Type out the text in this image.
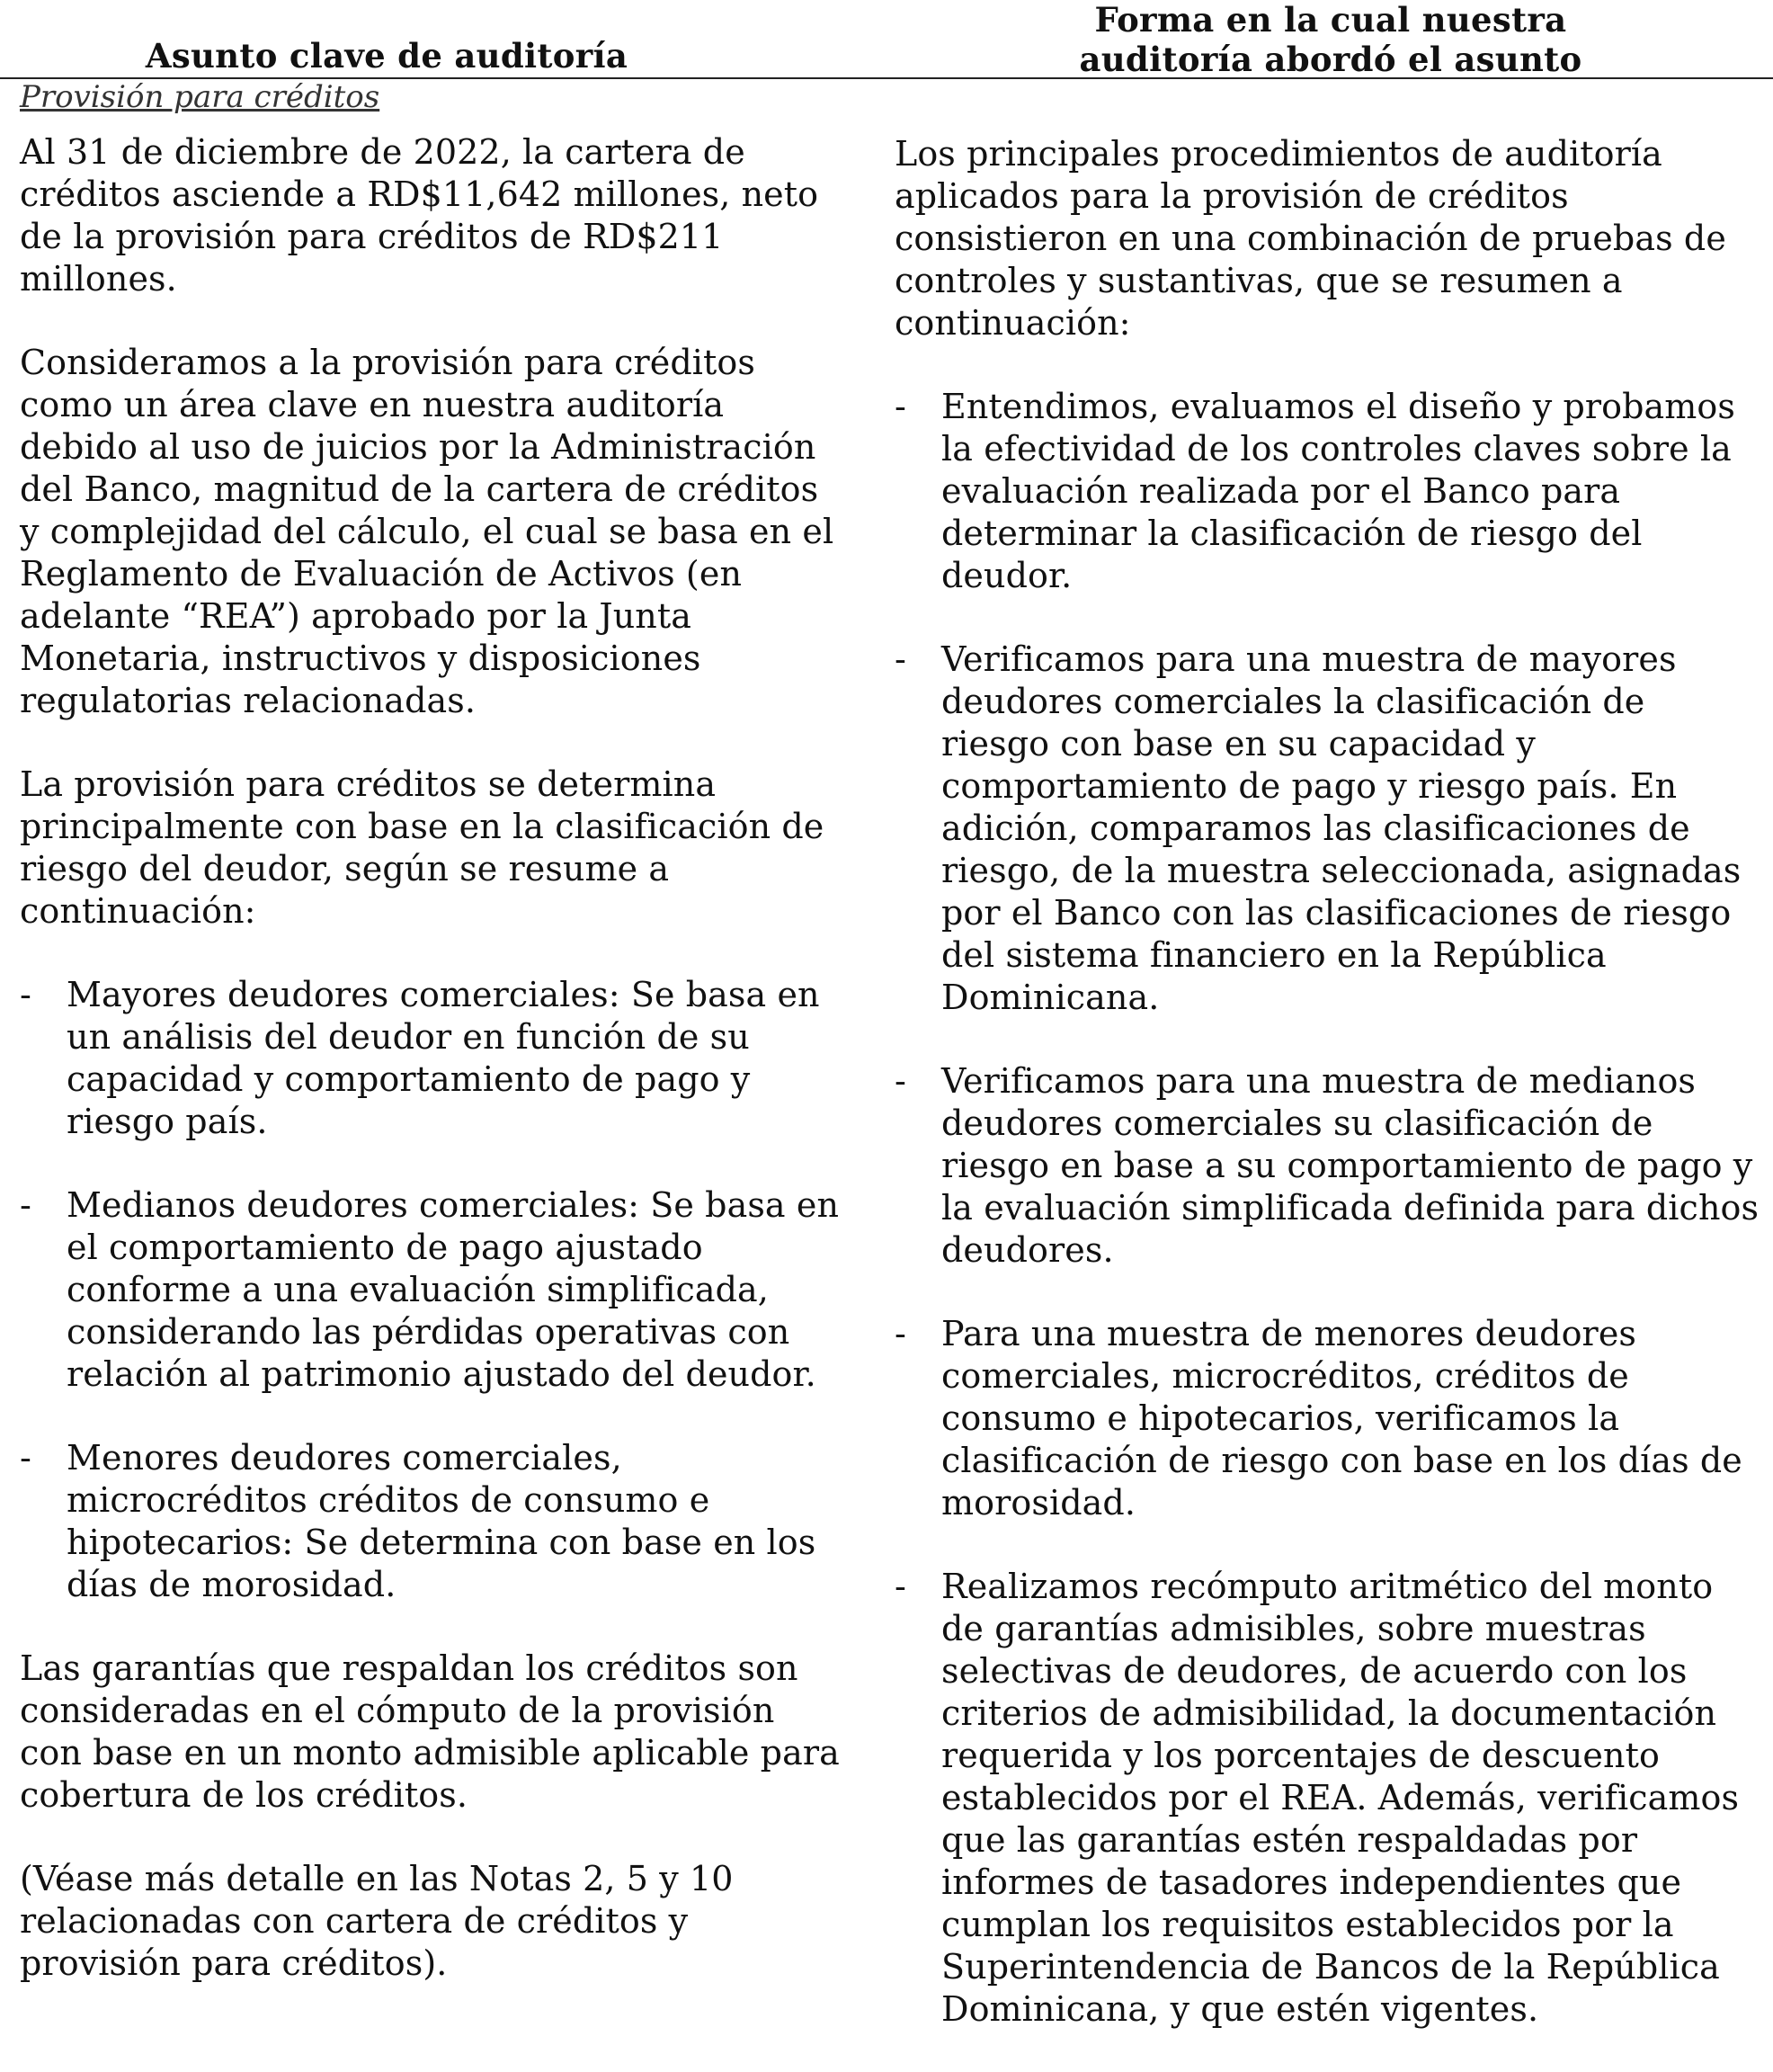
Asunto clave de auditoría
Forma en la cual nuestra
auditoría abordó el asunto
Provisión para créditos

Al 31 de diciembre de 2022, la cartera de créditos asciende a RD$11,642 millones, neto de la provisión para créditos de RD$211 millones.

Consideramos a la provisión para créditos como un área clave en nuestra auditoría debido al uso de juicios por la Administración del Banco, magnitud de la cartera de créditos y complejidad del cálculo, el cual se basa en el Reglamento de Evaluación de Activos (en adelante “REA”) aprobado por la Junta Monetaria, instructivos y disposiciones regulatorias relacionadas.

La provisión para créditos se determina principalmente con base en la clasificación de riesgo del deudor, según se resume a continuación:

- Mayores deudores comerciales: Se basa en un análisis del deudor en función de su capacidad y comportamiento de pago y riesgo país.
- Medianos deudores comerciales: Se basa en el comportamiento de pago ajustado conforme a una evaluación simplificada, considerando las pérdidas operativas con relación al patrimonio ajustado del deudor.
- Menores deudores comerciales, microcréditos créditos de consumo e hipotecarios: Se determina con base en los días de morosidad.

Las garantías que respaldan los créditos son consideradas en el cómputo de la provisión con base en un monto admisible aplicable para cobertura de los créditos.

(Véase más detalle en las Notas 2, 5 y 10 relacionadas con cartera de créditos y provisión para créditos).

Los principales procedimientos de auditoría aplicados para la provisión de créditos consistieron en una combinación de pruebas de controles y sustantivas, que se resumen a continuación:

- Entendimos, evaluamos el diseño y probamos la efectividad de los controles claves sobre la evaluación realizada por el Banco para determinar la clasificación de riesgo del deudor.
- Verificamos para una muestra de mayores deudores comerciales la clasificación de riesgo con base en su capacidad y comportamiento de pago y riesgo país. En adición, comparamos las clasificaciones de riesgo, de la muestra seleccionada, asignadas por el Banco con las clasificaciones de riesgo del sistema financiero en la República Dominicana.
- Verificamos para una muestra de medianos deudores comerciales su clasificación de riesgo en base a su comportamiento de pago y la evaluación simplificada definida para dichos deudores.
- Para una muestra de menores deudores comerciales, microcréditos, créditos de consumo e hipotecarios, verificamos la clasificación de riesgo con base en los días de morosidad.
- Realizamos recómputo aritmético del monto de garantías admisibles, sobre muestras selectivas de deudores, de acuerdo con los criterios de admisibilidad, la documentación requerida y los porcentajes de descuento establecidos por el REA. Además, verificamos que las garantías estén respaldadas por informes de tasadores independientes que cumplan los requisitos establecidos por la Superintendencia de Bancos de la República Dominicana, y que estén vigentes.
